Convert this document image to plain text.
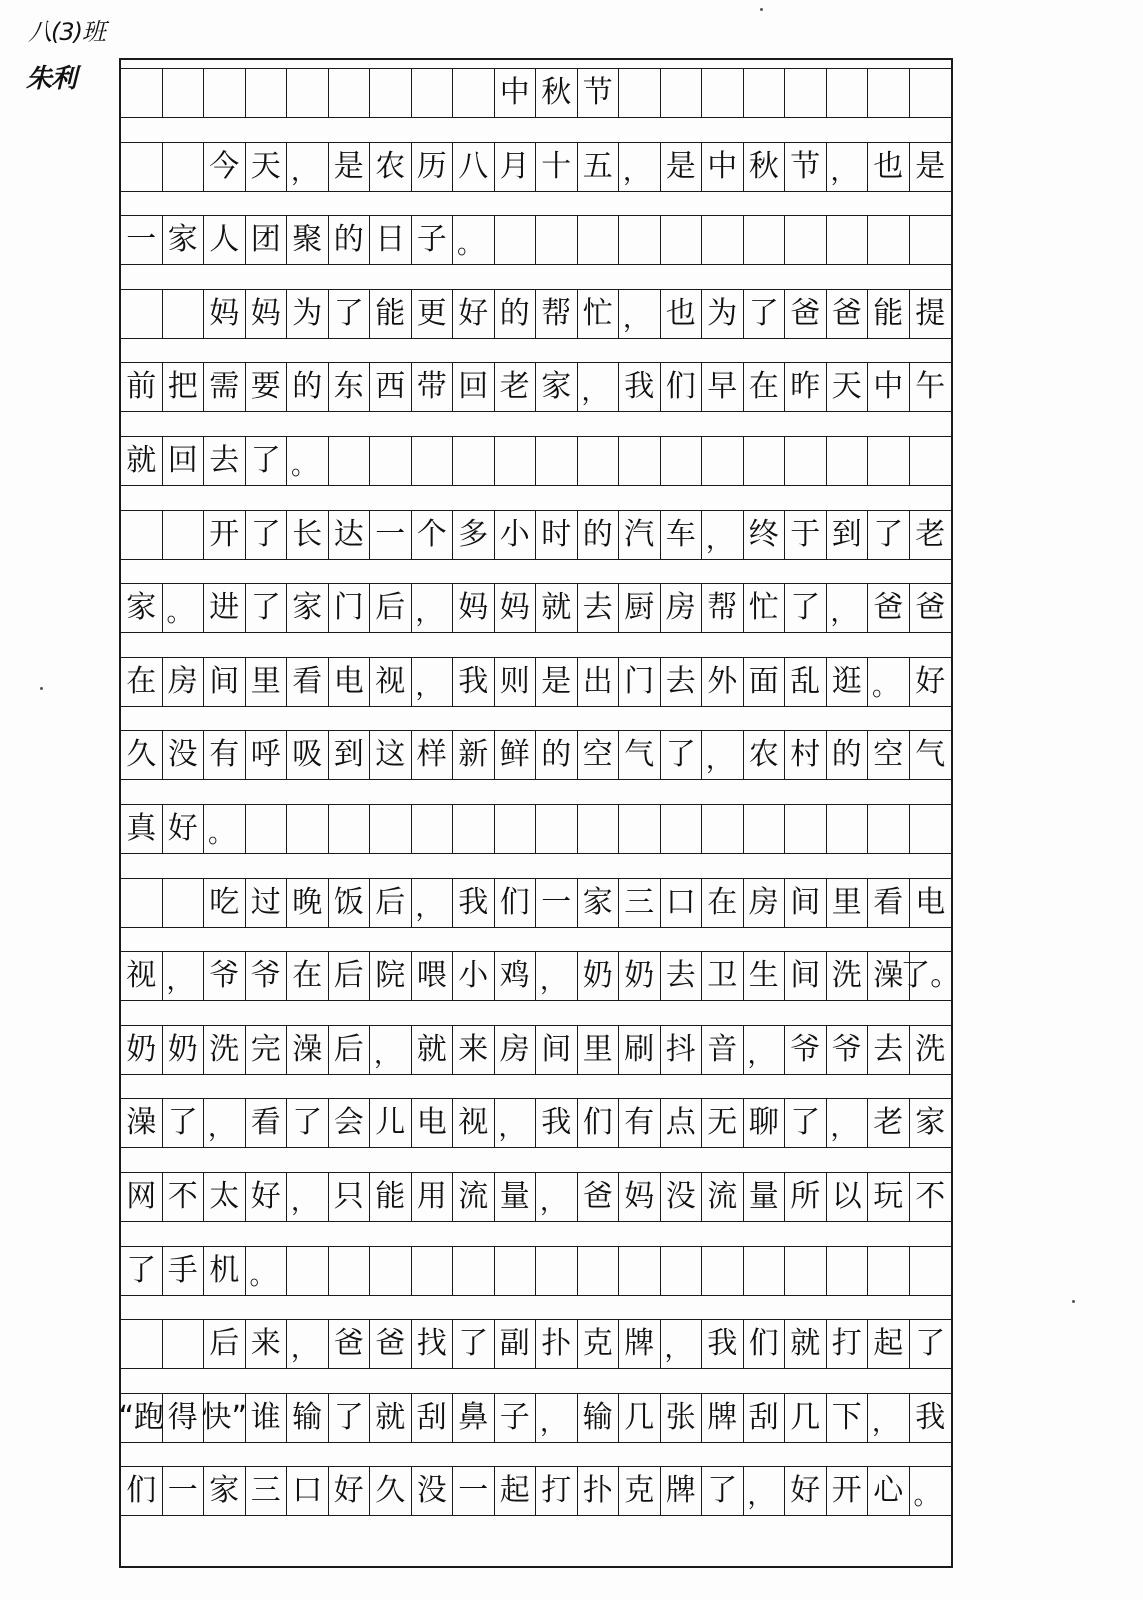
八(3)班
朱利	中 秋 节
今 天 ， 是 农 历 八 月 十 五 ， 是 中 秋 节 ， 也 是
一 家 人 团 聚 的 日 子 。
妈 妈 为 了 能 更 好 的 帮 忙 ， 也 为 了 爸 爸 能 提
前 把 需 要 的 东 西 带 回 老 家 ， 我 们 早 在 昨 天 中 午
就 回 去 了 。
开 了 长 达 一 个 多 小 时 的 汽 车 ， 终 于 到 了 老
家 。 进 了 家 门 后 ， 妈 妈 就 去 厨 房 帮 忙 了 ， 爸 爸
在 房 间 里 看 电 视 ， 我 则 是 出 门 去 外 面 乱 逛 。 好
久 没 有 呼 吸 到 这 样 新 鲜 的 空 气 了 ， 农 村 的 空 气
真 好 。
吃 过 晚 饭 后 ， 我 们 一 家 三 口 在 房 间 里 看 电
视 ， 爷 爷 在 后 院 喂 小 鸡 ， 奶 奶 去 卫 生 间 洗 澡
了。
奶 奶 洗 完 澡 后 ， 就 来 房 间 里 刷 抖 音 ， 爷 爷 去 洗
澡 了 ， 看 了 会 儿 电 视 ， 我 们 有 点 无 聊 了 ， 老 家
网 不 太 好 ， 只 能 用 流 量 ， 爸 妈 没 流 量 所 以 玩 不
了 手 机 。
后 来 ， 爸 爸 找 了 副 扑 克 牌 ， 我 们 就 打 起 了
“跑 得 快” 谁 输 了 就 刮 鼻 子 ， 输 几 张 牌 刮 几 下 ， 我
们 一 家 三 口 好 久 没 一 起 打 扑 克 牌 了 ， 好 开 心 。
